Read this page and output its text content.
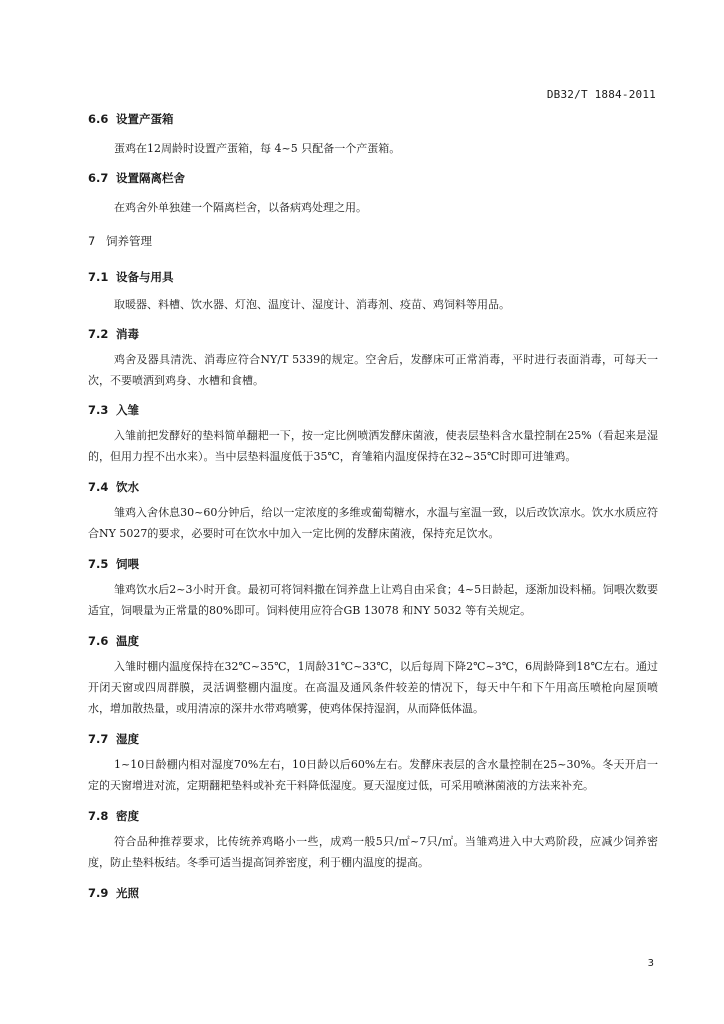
DB32/T 1884-2011
6.6 设置产蛋箱

蛋鸡在12周龄时设置产蛋箱，每 4~5 只配备一个产蛋箱。

6.7 设置隔离栏舍

在鸡舍外单独建一个隔离栏舍，以备病鸡处理之用。

7 饲养管理
7.1 设备与用具

取暖器、料槽、饮水器、灯泡、温度计、湿度计、消毒剂、疫苗、鸡饲料等用品。

7.2 消毒

鸡舍及器具清洗、消毒应符合NY/T 5339的规定。空舍后，发酵床可正常消毒，平时进行表面消毒，可每天一次，不要喷洒到鸡身、水槽和食槽。

7.3 入雏

入雏前把发酵好的垫料简单翻耙一下，按一定比例喷洒发酵床菌液，使表层垫料含水量控制在25%（看起来是湿的，但用力捏不出水来）。当中层垫料温度低于35℃，育雏箱内温度保持在32~35℃时即可进雏鸡。

7.4 饮水

雏鸡入舍休息30~60分钟后，给以一定浓度的多维或葡萄糖水，水温与室温一致，以后改饮凉水。饮水水质应符合NY 5027的要求，必要时可在饮水中加入一定比例的发酵床菌液，保持充足饮水。

7.5 饲喂

雏鸡饮水后2~3小时开食。最初可将饲料撒在饲养盘上让鸡自由采食；4~5日龄起，逐渐加设料桶。饲喂次数要适宜，饲喂量为正常量的80%即可。饲料使用应符合GB 13078 和NY 5032 等有关规定。

7.6 温度

入雏时棚内温度保持在32℃~35℃，1周龄31℃~33℃，以后每周下降2℃~3℃，6周龄降到18℃左右。通过开闭天窗或四周群膜，灵活调整棚内温度。在高温及通风条件较差的情况下，每天中午和下午用高压喷枪向屋顶喷水，增加散热量，或用清凉的深井水带鸡喷雾，使鸡体保持湿润，从而降低体温。

7.7 湿度

1~10日龄棚内相对湿度70%左右，10日龄以后60%左右。发酵床表层的含水量控制在25~30%。冬天开启一定的天窗增进对流，定期翻耙垫料或补充干料降低湿度。夏天湿度过低，可采用喷淋菌液的方法来补充。

7.8 密度

符合品种推荐要求，比传统养鸡略小一些，成鸡一般5只/㎡~7只/㎡。当雏鸡进入中大鸡阶段，应减少饲养密度，防止垫料板结。冬季可适当提高饲养密度，利于棚内温度的提高。

7.9 光照
3
